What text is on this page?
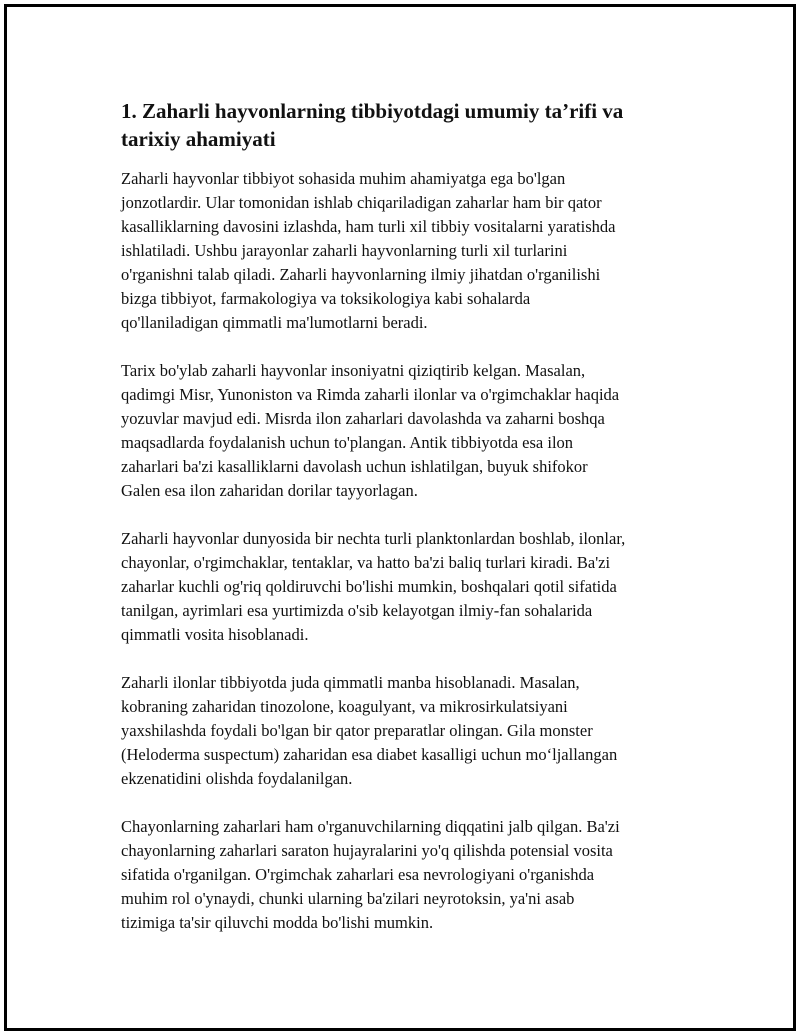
1. Zaharli hayvonlarning tibbiyotdagi umumiy ta’rifi va
tarixiy ahamiyati

Zaharli hayvonlar tibbiyot sohasida muhim ahamiyatga ega bo'lgan
jonzotlardir. Ular tomonidan ishlab chiqariladigan zaharlar ham bir qator
kasalliklarning davosini izlashda, ham turli xil tibbiy vositalarni yaratishda
ishlatiladi. Ushbu jarayonlar zaharli hayvonlarning turli xil turlarini
o'rganishni talab qiladi. Zaharli hayvonlarning ilmiy jihatdan o'rganilishi
bizga tibbiyot, farmakologiya va toksikologiya kabi sohalarda
qo'llaniladigan qimmatli ma'lumotlarni beradi.

Tarix bo'ylab zaharli hayvonlar insoniyatni qiziqtirib kelgan. Masalan,
qadimgi Misr, Yunoniston va Rimda zaharli ilonlar va o'rgimchaklar haqida
yozuvlar mavjud edi. Misrda ilon zaharlari davolashda va zaharni boshqa
maqsadlarda foydalanish uchun to'plangan. Antik tibbiyotda esa ilon
zaharlari ba'zi kasalliklarni davolash uchun ishlatilgan, buyuk shifokor
Galen esa ilon zaharidan dorilar tayyorlagan.

Zaharli hayvonlar dunyosida bir nechta turli planktonlardan boshlab, ilonlar,
chayonlar, o'rgimchaklar, tentaklar, va hatto ba'zi baliq turlari kiradi. Ba'zi
zaharlar kuchli og'riq qoldiruvchi bo'lishi mumkin, boshqalari qotil sifatida
tanilgan, ayrimlari esa yurtimizda o'sib kelayotgan ilmiy-fan sohalarida
qimmatli vosita hisoblanadi.

Zaharli ilonlar tibbiyotda juda qimmatli manba hisoblanadi. Masalan,
kobraning zaharidan tinozolone, koagulyant, va mikrosirkulatsiyani
yaxshilashda foydali bo'lgan bir qator preparatlar olingan. Gila monster
(Heloderma suspectum) zaharidan esa diabet kasalligi uchun mo‘ljallangan
ekzenatidini olishda foydalanilgan.

Chayonlarning zaharlari ham o'rganuvchilarning diqqatini jalb qilgan. Ba'zi
chayonlarning zaharlari saraton hujayralarini yo'q qilishda potensial vosita
sifatida o'rganilgan. O'rgimchak zaharlari esa nevrologiyani o'rganishda
muhim rol o'ynaydi, chunki ularning ba'zilari neyrotoksin, ya'ni asab
tizimiga ta'sir qiluvchi modda bo'lishi mumkin.
